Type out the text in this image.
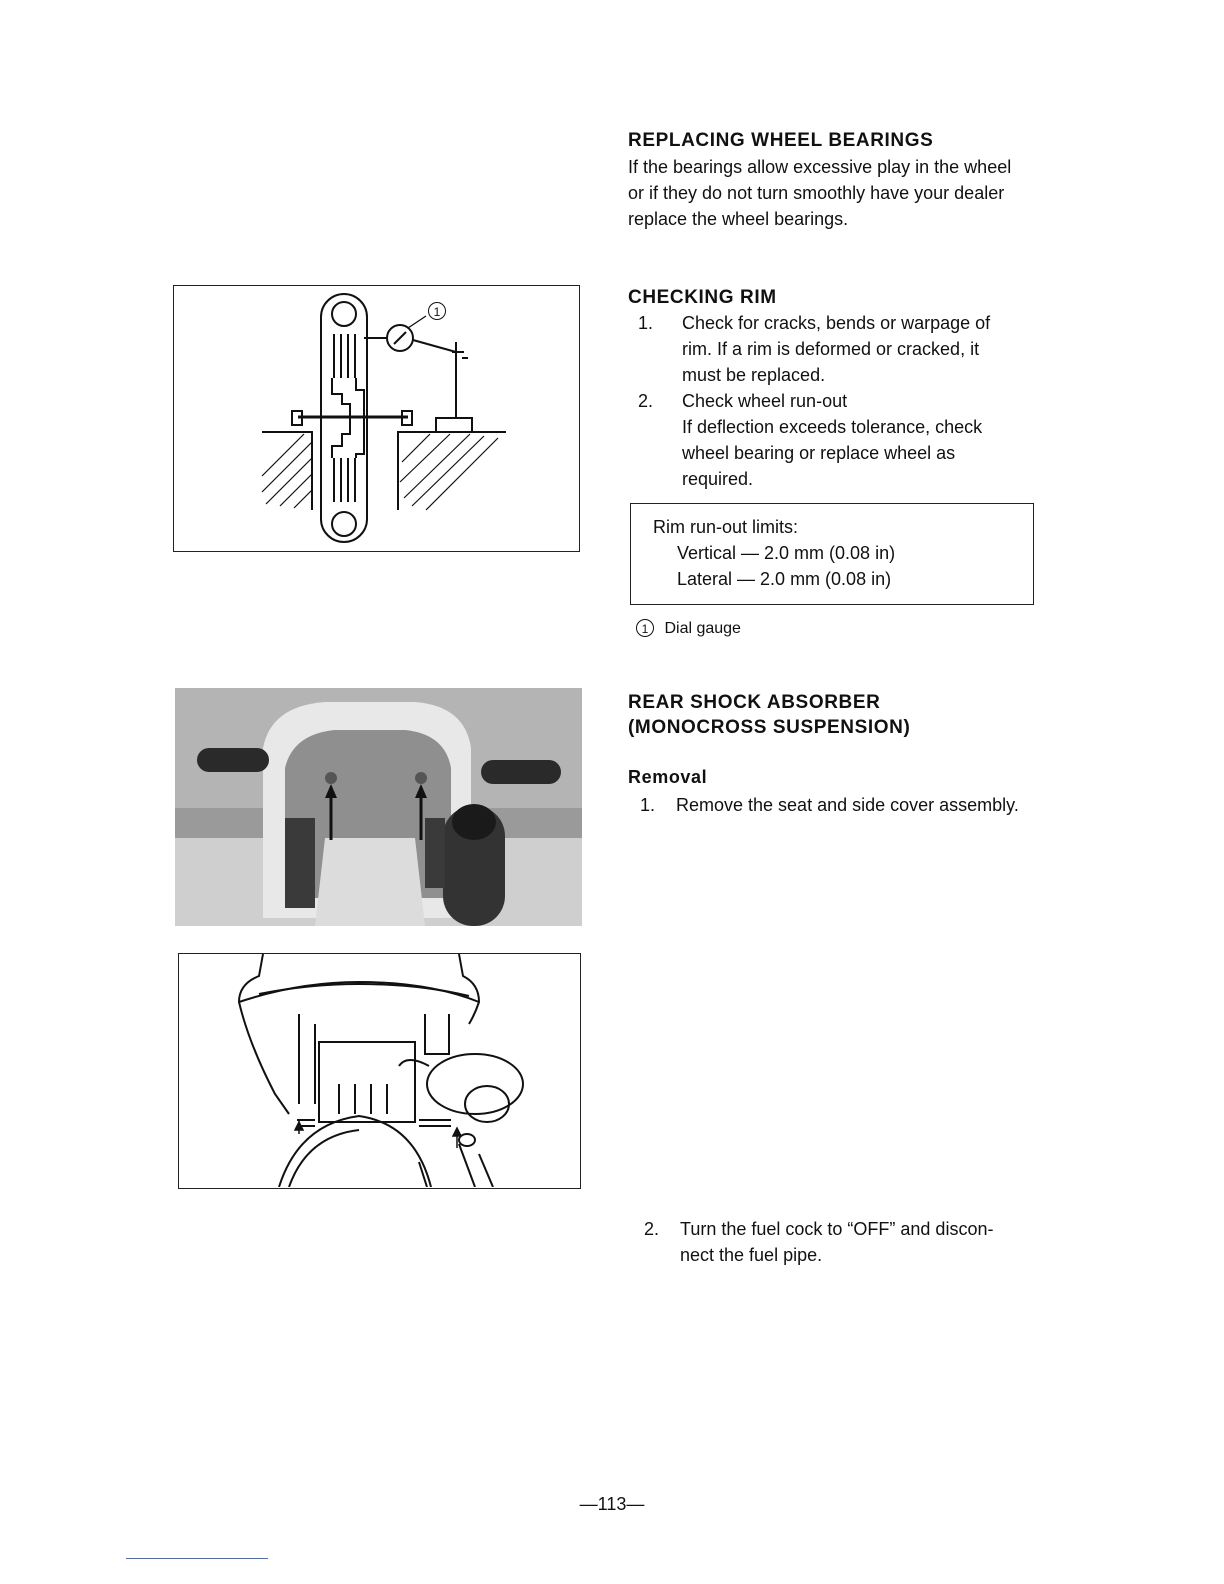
1
REPLACING WHEEL BEARINGS

If the bearings allow excessive play in the wheel

or if they do not turn smoothly have your dealer

replace the wheel bearings.

CHECKING RIM
1. Check for cracks, bends or warpage of
rim. If a rim is deformed or cracked, it
must be replaced.
2. Check wheel run-out
If deflection exceeds tolerance, check
wheel bearing or replace wheel as
required.
Rim run-out limits:
Vertical — 2.0 mm (0.08 in)
Lateral — 2.0 mm (0.08 in)
1 Dial gauge
REAR SHOCK ABSORBER
(MONOCROSS SUSPENSION)
Removal
1. Remove the seat and side cover assembly.
2. Turn the fuel cock to “OFF” and discon-
nect the fuel pipe.
—113—
